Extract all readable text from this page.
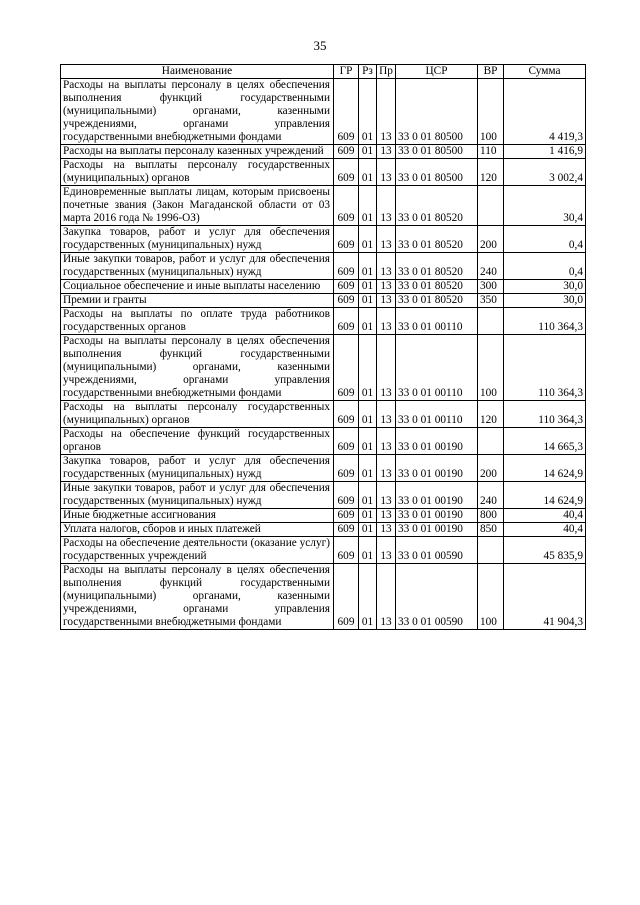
35
Наименование	ГР	Рз	Пр	ЦСР	ВР	Сумма
Расходы на выплаты персоналу в целях обеспечения выполнения функций государственными (муниципальными) органами, казенными учреждениями, органами управления государственными внебюджетными фондами	609	01	13	33 0 01 80500	100	4 419,3
Расходы на выплаты персоналу казенных учреждений	609	01	13	33 0 01 80500	110	1 416,9
Расходы на выплаты персоналу государственных (муниципальных) органов	609	01	13	33 0 01 80500	120	3 002,4
Единовременные выплаты лицам, которым присвоены почетные звания (Закон Магаданской области от 03 марта 2016 года № 1996-ОЗ)	609	01	13	33 0 01 80520		30,4
Закупка товаров, работ и услуг для обеспечения государственных (муниципальных) нужд	609	01	13	33 0 01 80520	200	0,4
Иные закупки товаров, работ и услуг для обеспечения государственных (муниципальных) нужд	609	01	13	33 0 01 80520	240	0,4
Социальное обеспечение и иные выплаты населению	609	01	13	33 0 01 80520	300	30,0
Премии и гранты	609	01	13	33 0 01 80520	350	30,0
Расходы на выплаты по оплате труда работников государственных органов	609	01	13	33 0 01 00110		110 364,3
Расходы на выплаты персоналу в целях обеспечения выполнения функций государственными (муниципальными) органами, казенными учреждениями, органами управления государственными внебюджетными фондами	609	01	13	33 0 01 00110	100	110 364,3
Расходы на выплаты персоналу государственных (муниципальных) органов	609	01	13	33 0 01 00110	120	110 364,3
Расходы на обеспечение функций государственных органов	609	01	13	33 0 01 00190		14 665,3
Закупка товаров, работ и услуг для обеспечения государственных (муниципальных) нужд	609	01	13	33 0 01 00190	200	14 624,9
Иные закупки товаров, работ и услуг для обеспечения государственных (муниципальных) нужд	609	01	13	33 0 01 00190	240	14 624,9
Иные бюджетные ассигнования	609	01	13	33 0 01 00190	800	40,4
Уплата налогов, сборов и иных платежей	609	01	13	33 0 01 00190	850	40,4
Расходы на обеспечение деятельности (оказание услуг) государственных учреждений	609	01	13	33 0 01 00590		45 835,9
Расходы на выплаты персоналу в целях обеспечения выполнения функций государственными (муниципальными) органами, казенными учреждениями, органами управления государственными внебюджетными фондами	609	01	13	33 0 01 00590	100	41 904,3
